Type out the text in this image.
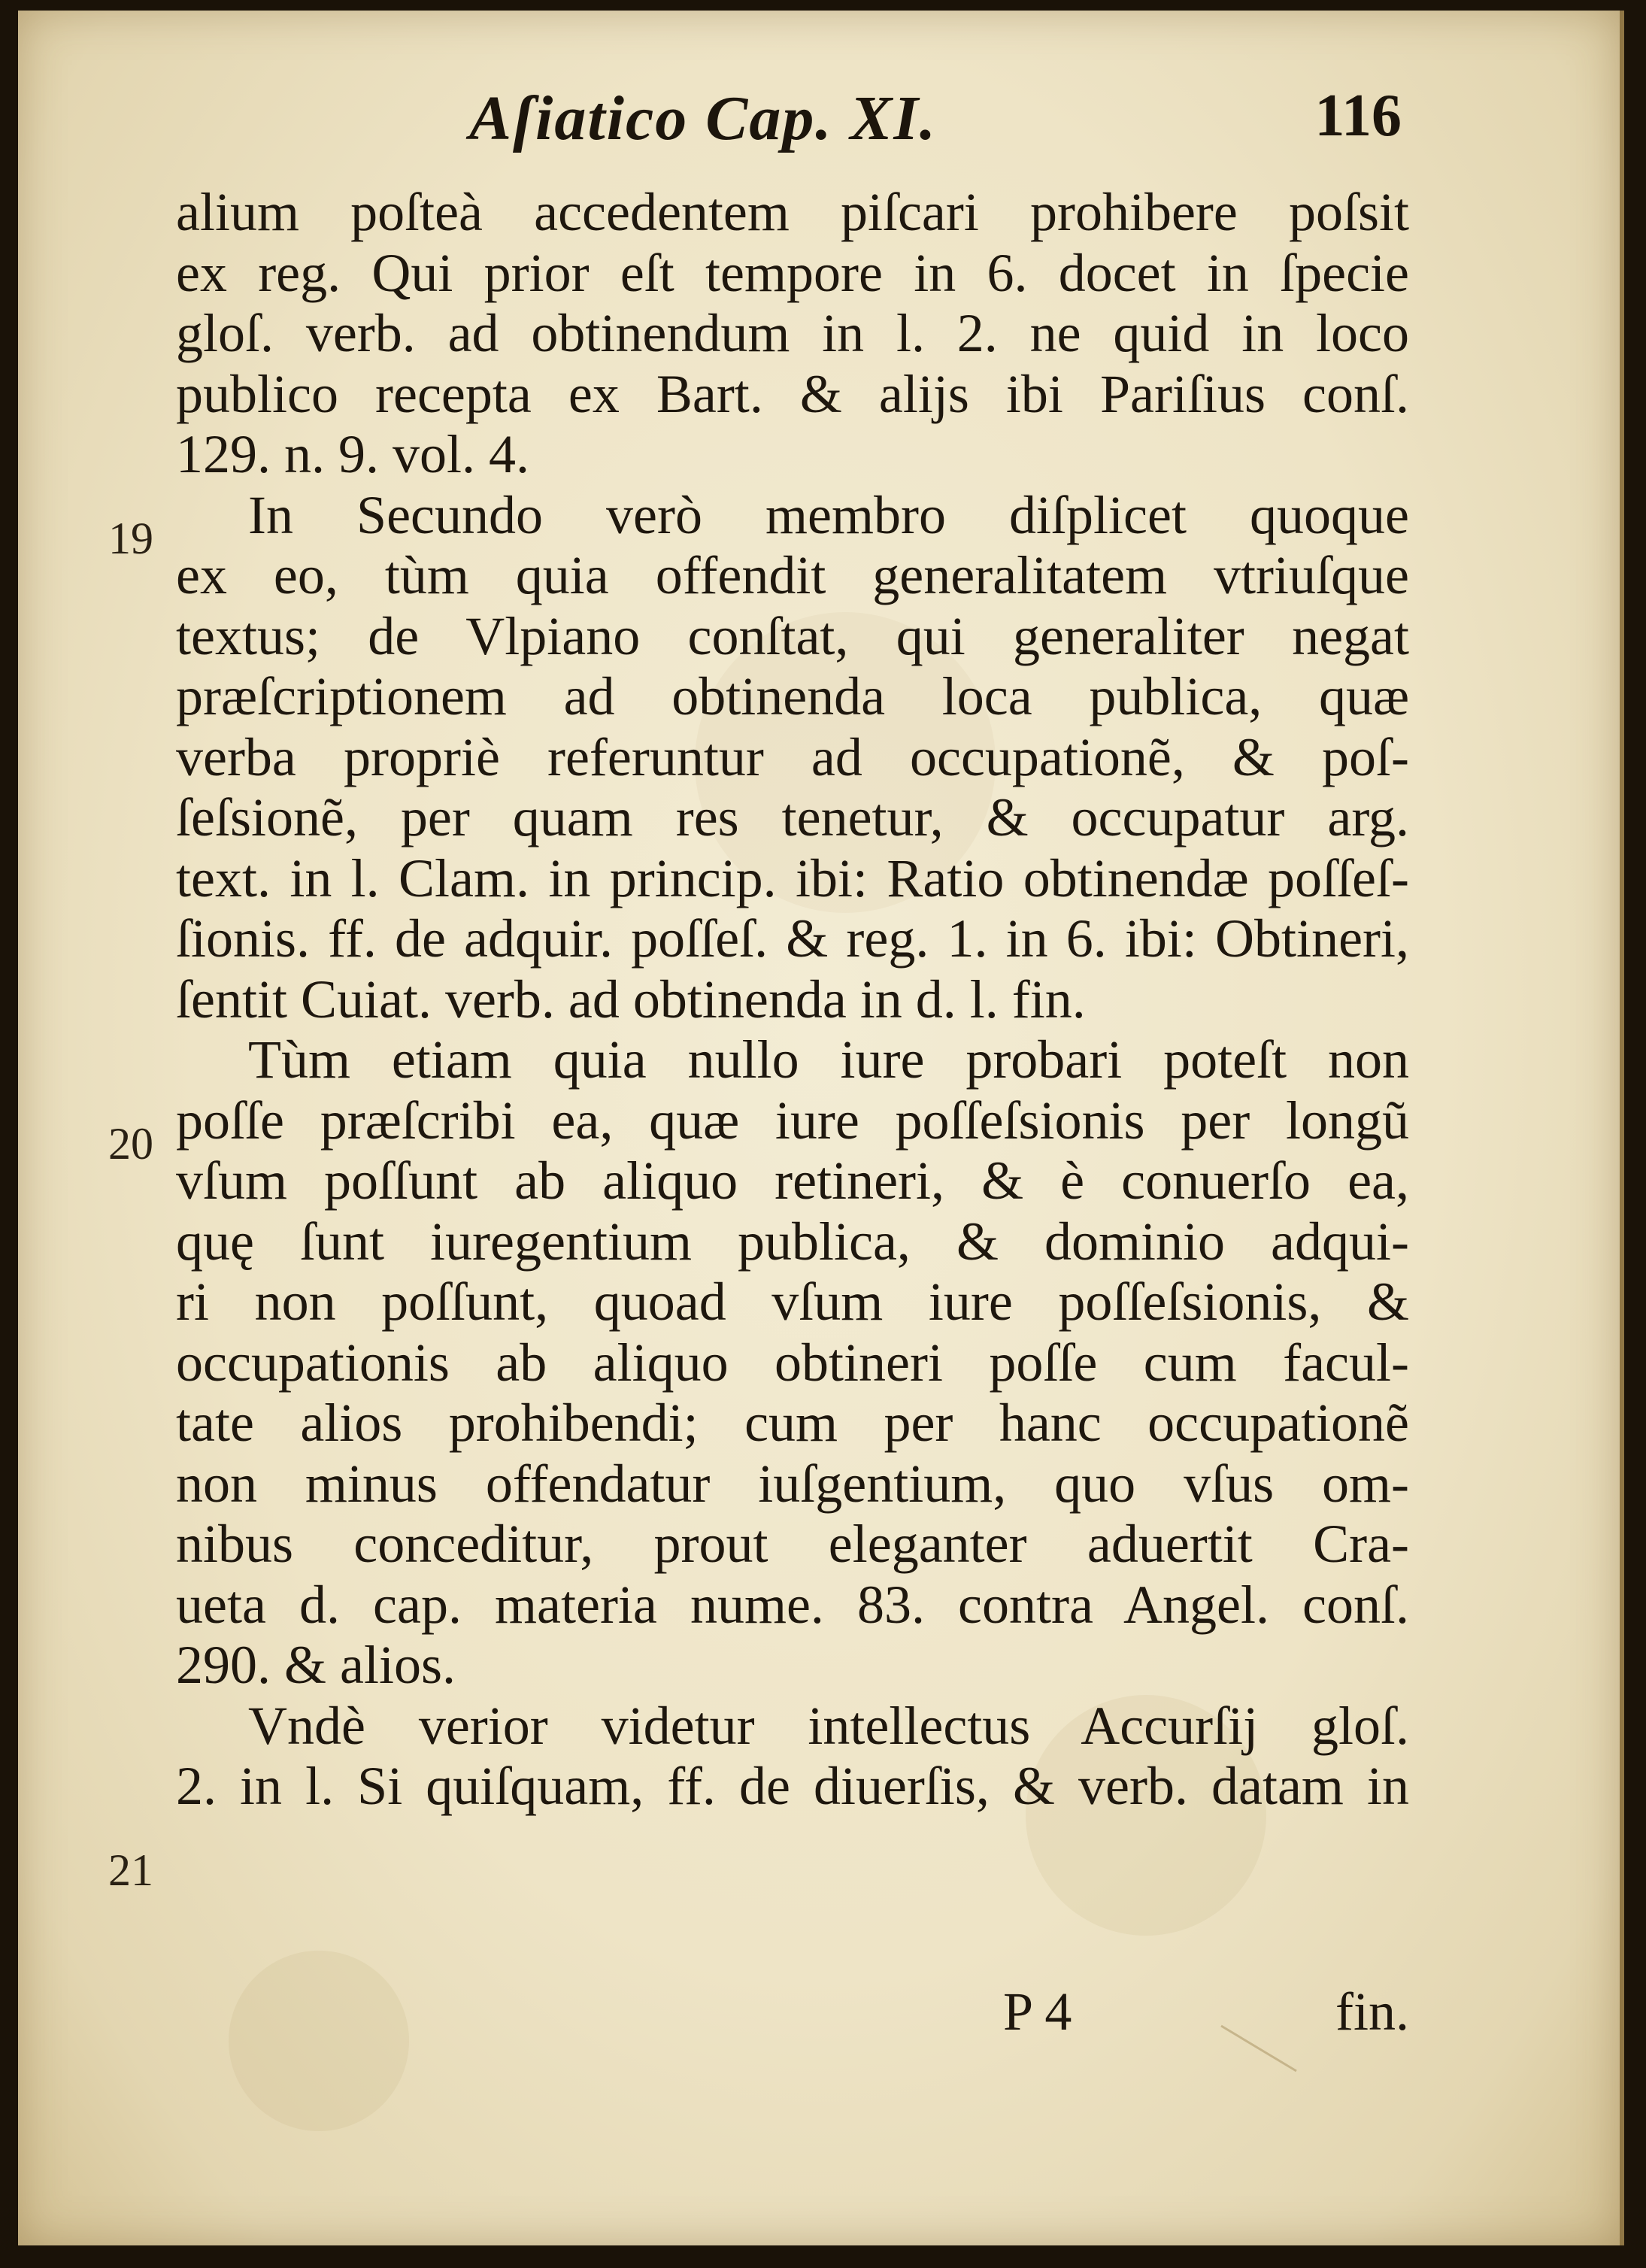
Aſiatico Cap. XI.	116
19
20
21
alium poſteà accedentem piſcari prohibere poſsit
ex reg. Qui prior eſt tempore in 6. docet in ſpecie
gloſ. verb. ad obtinendum in l. 2. ne quid in loco
publico recepta ex Bart. & alijs ibi Pariſius conſ.
129. n. 9. vol. 4.
In Secundo verò membro diſplicet quoque
ex eo, tùm quia offendit generalitatem vtriuſque
textus; de Vlpiano conſtat, qui generaliter negat
præſcriptionem ad obtinenda loca publica, quæ
verba propriè referuntur ad occupationẽ, & poſ-
ſeſsionẽ, per quam res tenetur, & occupatur arg.
text. in l. Clam. in princip. ibi: Ratio obtinendæ poſſeſ-
ſionis. ff. de adquir. poſſeſ. & reg. 1. in 6. ibi: Obtineri,
ſentit Cuiat. verb. ad obtinenda in d. l. fin.
Tùm etiam quia nullo iure probari poteſt non
poſſe præſcribi ea, quæ iure poſſeſsionis per longũ
vſum poſſunt ab aliquo retineri, & è conuerſo ea,
quę ſunt iuregentium publica, & dominio adqui-
ri non poſſunt, quoad vſum iure poſſeſsionis, &
occupationis ab aliquo obtineri poſſe cum facul-
tate alios prohibendi; cum per hanc occupationẽ
non minus offendatur iuſgentium, quo vſus om-
nibus conceditur, prout eleganter aduertit Cra-
ueta d. cap. materia nume. 83. contra Angel. conſ.
290. & alios.
Vndè verior videtur intellectus Accurſij gloſ.
2. in l. Si quiſquam, ff. de diuerſis, & verb. datam in
P 4	fin.
